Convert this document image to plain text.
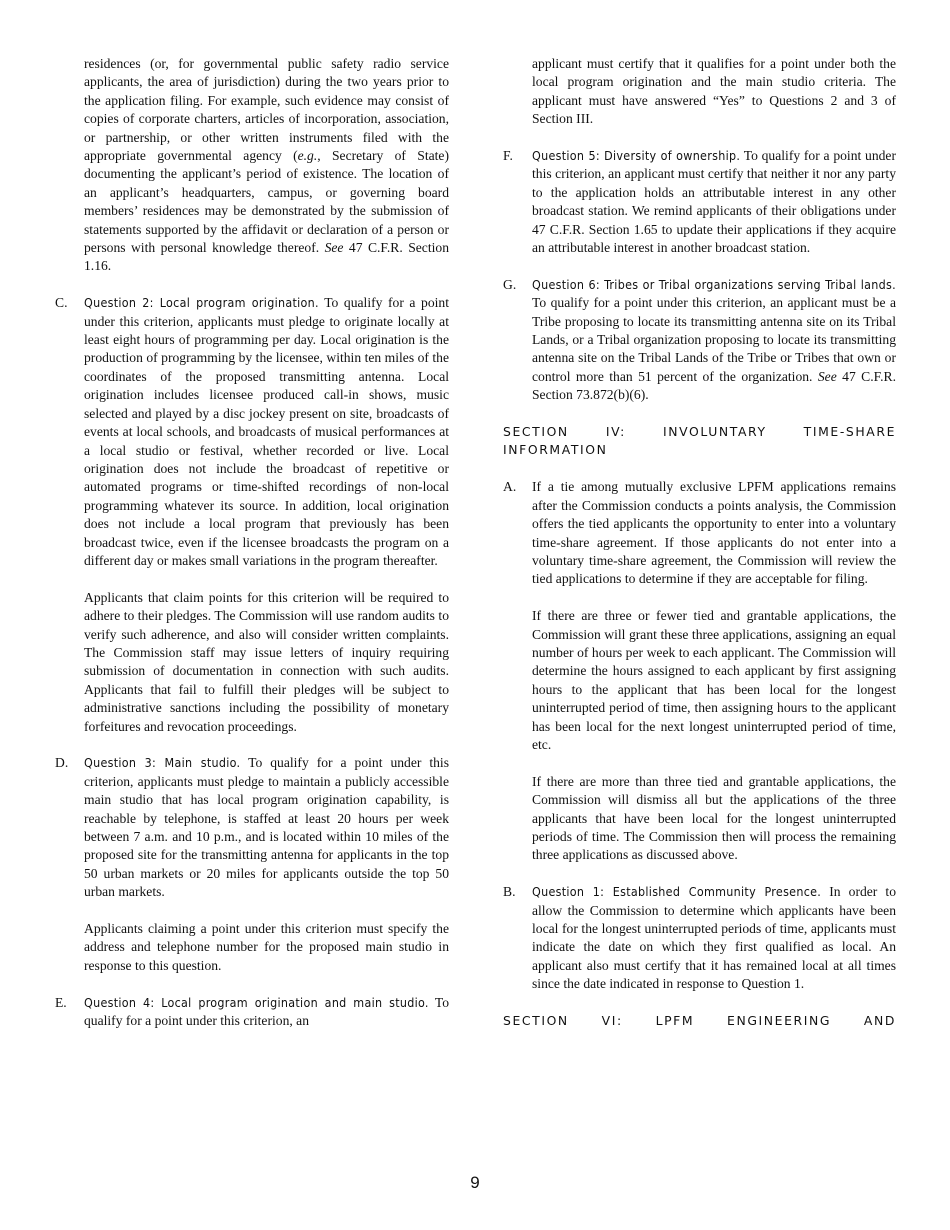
residences (or, for governmental public safety radio service applicants, the area of jurisdiction) during the two years prior to the application filing. For example, such evidence may consist of copies of corporate charters, articles of incorporation, association, or partnership, or other written instruments filed with the appropriate governmental agency (e.g., Secretary of State) documenting the applicant’s period of existence. The location of an applicant’s headquarters, campus, or governing board members’ residences may be demonstrated by the submission of statements supported by the affidavit or declaration of a person or persons with personal knowledge thereof. See 47 C.F.R. Section 1.16.

C. Question 2: Local program origination. To qualify for a point under this criterion, applicants must pledge to originate locally at least eight hours of programming per day. Local origination is the production of programming by the licensee, within ten miles of the coordinates of the proposed transmitting antenna. Local origination includes licensee produced call-in shows, music selected and played by a disc jockey present on site, broadcasts of events at local schools, and broadcasts of musical performances at a local studio or festival, whether recorded or live. Local origination does not include the broadcast of repetitive or automated programs or time-shifted recordings of non-local programming whatever its source. In addition, local origination does not include a local program that previously has been broadcast twice, even if the licensee broadcasts the program on a different day or makes small variations in the program thereafter.

Applicants that claim points for this criterion will be required to adhere to their pledges. The Commission will use random audits to verify such adherence, and also will consider written complaints. The Commission staff may issue letters of inquiry requiring submission of documentation in connection with such audits. Applicants that fail to fulfill their pledges will be subject to administrative sanctions including the possibility of monetary forfeitures and revocation proceedings.

D. Question 3: Main studio. To qualify for a point under this criterion, applicants must pledge to maintain a publicly accessible main studio that has local program origination capability, is reachable by telephone, is staffed at least 20 hours per week between 7 a.m. and 10 p.m., and is located within 10 miles of the proposed site for the transmitting antenna for applicants in the top 50 urban markets or 20 miles for applicants outside the top 50 urban markets.

Applicants claiming a point under this criterion must specify the address and telephone number for the proposed main studio in response to this question.

E. Question 4: Local program origination and main studio. To qualify for a point under this criterion, an

applicant must certify that it qualifies for a point under both the local program origination and the main studio criteria. The applicant must have answered “Yes” to Questions 2 and 3 of Section III.

F. Question 5: Diversity of ownership. To qualify for a point under this criterion, an applicant must certify that neither it nor any party to the application holds an attributable interest in any other broadcast station. We remind applicants of their obligations under 47 C.F.R. Section 1.65 to update their applications if they acquire an attributable interest in another broadcast station.

G. Question 6: Tribes or Tribal organizations serving Tribal lands. To qualify for a point under this criterion, an applicant must be a Tribe proposing to locate its transmitting antenna site on its Tribal Lands, or a Tribal organization proposing to locate its transmitting antenna site on the Tribal Lands of the Tribe or Tribes that own or control more than 51 percent of the organization. See 47 C.F.R. Section 73.872(b)(6).

SECTION IV: INVOLUNTARY TIME-SHARE

INFORMATION

A. If a tie among mutually exclusive LPFM applications remains after the Commission conducts a points analysis, the Commission offers the tied applicants the opportunity to enter into a voluntary time-share agreement. If those applicants do not enter into a voluntary time-share agreement, the Commission will review the tied applications to determine if they are acceptable for filing.

If there are three or fewer tied and grantable applications, the Commission will grant these three applications, assigning an equal number of hours per week to each applicant. The Commission will determine the hours assigned to each applicant by first assigning hours to the applicant that has been local for the longest uninterrupted period of time, then assigning hours to the applicant has been local for the next longest uninterrupted period of time, etc.

If there are more than three tied and grantable applications, the Commission will dismiss all but the applications of the three applicants that have been local for the longest uninterrupted periods of time. The Commission then will process the remaining three applications as discussed above.

B. Question 1: Established Community Presence. In order to allow the Commission to determine which applicants have been local for the longest uninterrupted periods of time, applicants must indicate the date on which they first qualified as local. An applicant also must certify that it has remained local at all times since the date indicated in response to Question 1.

SECTION VI: LPFM ENGINEERING AND

9
